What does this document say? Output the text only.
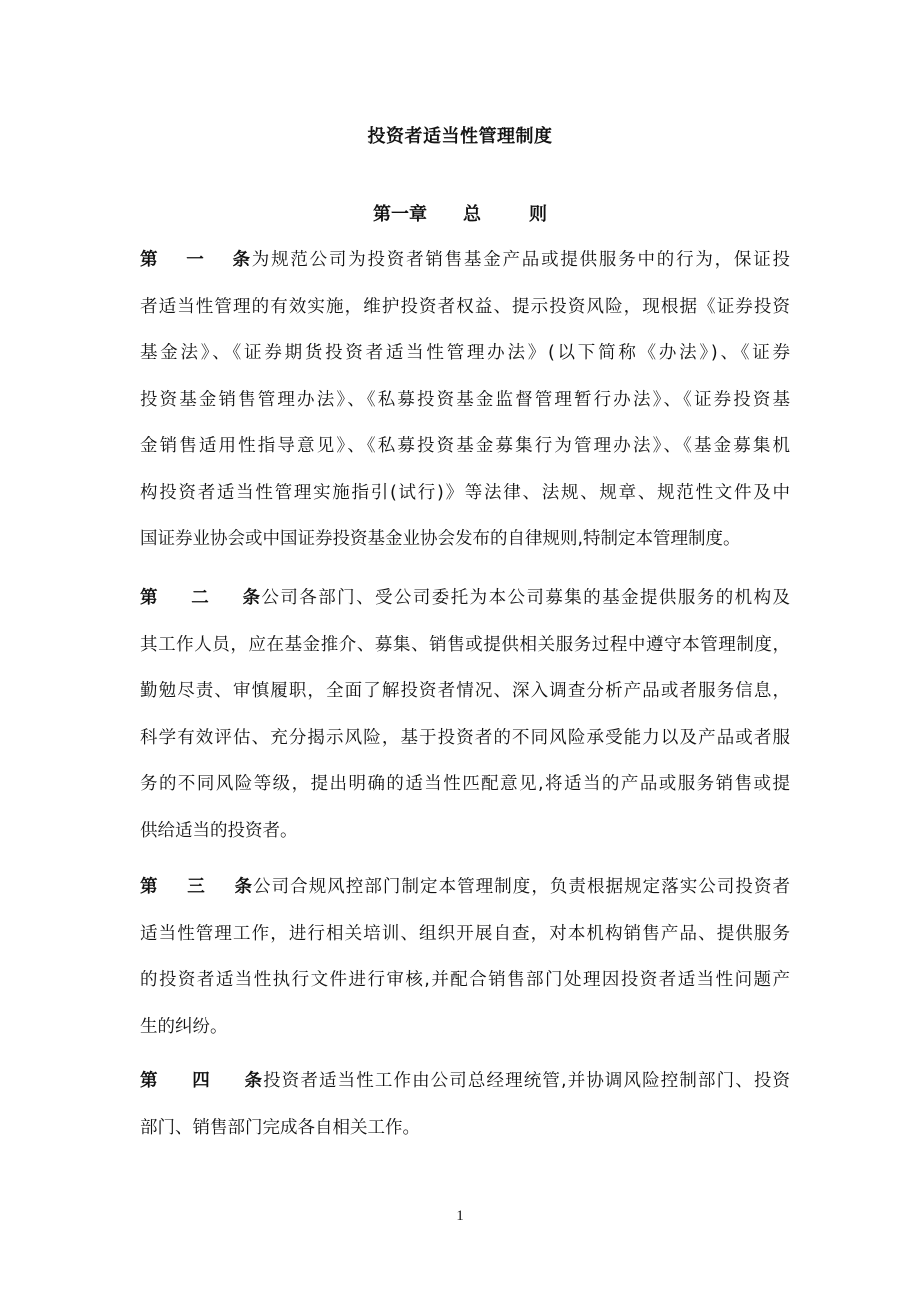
投资者适当性管理制度
第一章 总	则
第一条为规范公司为投资者销售基金产品或提供服务中的行为，保证投
者适当性管理的有效实施，维护投资者权益、提示投资风险，现根据《证券投资
基金法》、《证券期货投资者适当性管理办法》(以下简称《办法》)、《证券
投资基金销售管理办法》、《私募投资基金监督管理暂行办法》、《证券投资基
金销售适用性指导意见》、《私募投资基金募集行为管理办法》、《基金募集机
构投资者适当性管理实施指引(试行)》等法律、法规、规章、规范性文件及中
国证券业协会或中国证券投资基金业协会发布的自律规则,特制定本管理制度。
第二条公司各部门、受公司委托为本公司募集的基金提供服务的机构及
其工作人员，应在基金推介、募集、销售或提供相关服务过程中遵守本管理制度，
勤勉尽责、审慎履职，全面了解投资者情况、深入调查分析产品或者服务信息，
科学有效评估、充分揭示风险，基于投资者的不同风险承受能力以及产品或者服
务的不同风险等级，提出明确的适当性匹配意见,将适当的产品或服务销售或提
供给适当的投资者。
第三条公司合规风控部门制定本管理制度，负责根据规定落实公司投资者
适当性管理工作，进行相关培训、组织开展自查，对本机构销售产品、提供服务
的投资者适当性执行文件进行审核,并配合销售部门处理因投资者适当性问题产
生的纠纷。
第四条投资者适当性工作由公司总经理统管,并协调风险控制部门、投资
部门、销售部门完成各自相关工作。
1
